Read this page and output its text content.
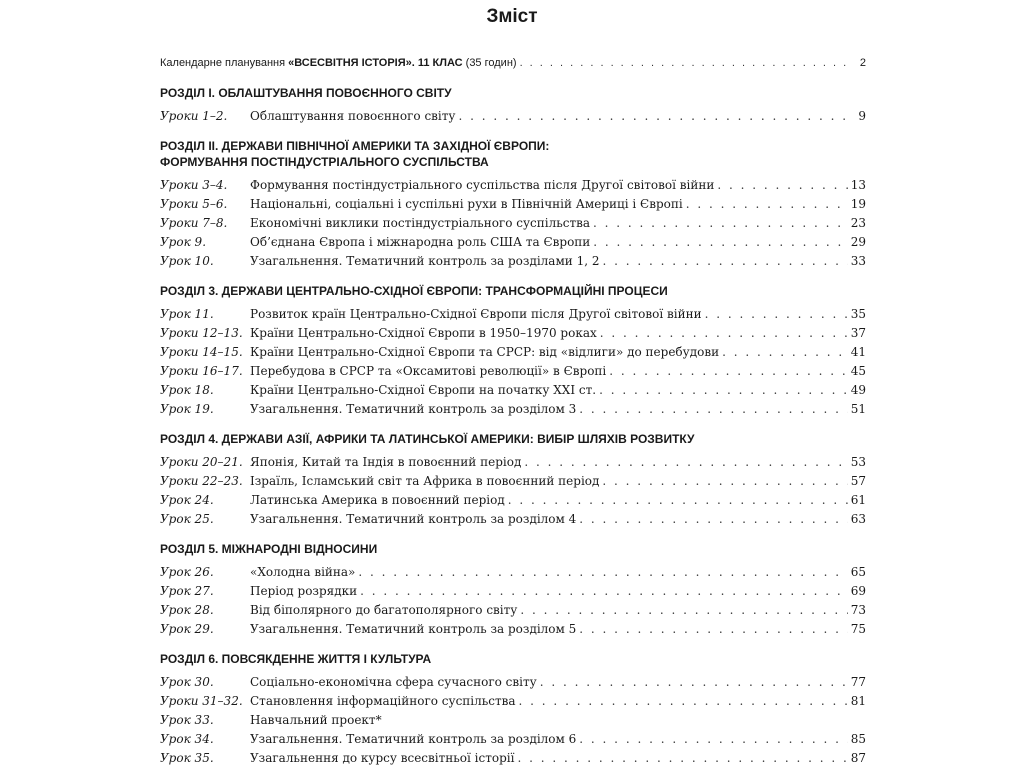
Зміст
Календарне планування «ВСЕСВІТНЯ ІСТОРІЯ». 11 КЛАС (35 годин) . . .	2
РОЗДІЛ І. ОБЛАШТУВАННЯ ПОВОЄННОГО СВІТУ
Уроки 1–2.	Облаштування повоєнного світу . . .	9
РОЗДІЛ ІІ. ДЕРЖАВИ ПІВНІЧНОЇ АМЕРИКИ ТА ЗАХІДНОЇ ЄВРОПИ:
ФОРМУВАННЯ ПОСТІНДУСТРІАЛЬНОГО СУСПІЛЬСТВА
Уроки 3–4.	Формування постіндустріального суспільства після Другої світової війни . . .	13
Уроки 5–6.	Національні, соціальні і суспільні рухи в Північній Америці і Європі . . .	19
Уроки 7–8.	Економічні виклики постіндустріального суспільства . . .	23
Урок 9.	Об’єднана Європа і міжнародна роль США та Європи . . .	29
Урок 10.	Узагальнення. Тематичний контроль за розділами 1, 2 . . .	33
РОЗДІЛ 3. ДЕРЖАВИ ЦЕНТРАЛЬНО-СХІДНОЇ ЄВРОПИ: ТРАНСФОРМАЦІЙНІ ПРОЦЕСИ
Урок 11.	Розвиток країн Центрально-Східної Європи після Другої світової війни . . .	35
Уроки 12–13. Країни Центрально-Східної Європи в 1950–1970 роках . . .	37
Уроки 14–15. Країни Центрально-Східної Європи та СРСР: від «відлиги» до перебудови . . .	41
Уроки 16–17. Перебудова в СРСР та «Оксамитові революції» в Європі . . .	45
Урок 18.	Країни Центрально-Східної Європи на початку XXI ст. . . .	49
Урок 19.	Узагальнення. Тематичний контроль за розділом 3 . . .	51
РОЗДІЛ 4. ДЕРЖАВИ АЗІЇ, АФРИКИ ТА ЛАТИНСЬКОЇ АМЕРИКИ: ВИБІР ШЛЯХІВ РОЗВИТКУ
Уроки 20–21. Японія, Китай та Індія в повоєнний період . . .	53
Уроки 22–23. Ізраїль, Ісламський світ та Африка в повоєнний період . . .	57
Урок 24.	Латинська Америка в повоєнний період . . .	61
Урок 25.	Узагальнення. Тематичний контроль за розділом 4 . . .	63
РОЗДІЛ 5. МІЖНАРОДНІ ВІДНОСИНИ
Урок 26.	«Холодна війна» . . .	65
Урок 27.	Період розрядки . . .	69
Урок 28.	Від біполярного до багатополярного світу . . .	73
Урок 29.	Узагальнення. Тематичний контроль за розділом 5 . . .	75
РОЗДІЛ 6. ПОВСЯКДЕННЕ ЖИТТЯ І КУЛЬТУРА
Урок 30.	Соціально-економічна сфера сучасного світу . . .	77
Уроки 31–32. Становлення інформаційного суспільства . . .	81
Урок 33.	Навчальний проект*
Урок 34.	Узагальнення. Тематичний контроль за розділом 6 . . .	85
Урок 35.	Узагальнення до курсу всесвітньої історії . . .	87
